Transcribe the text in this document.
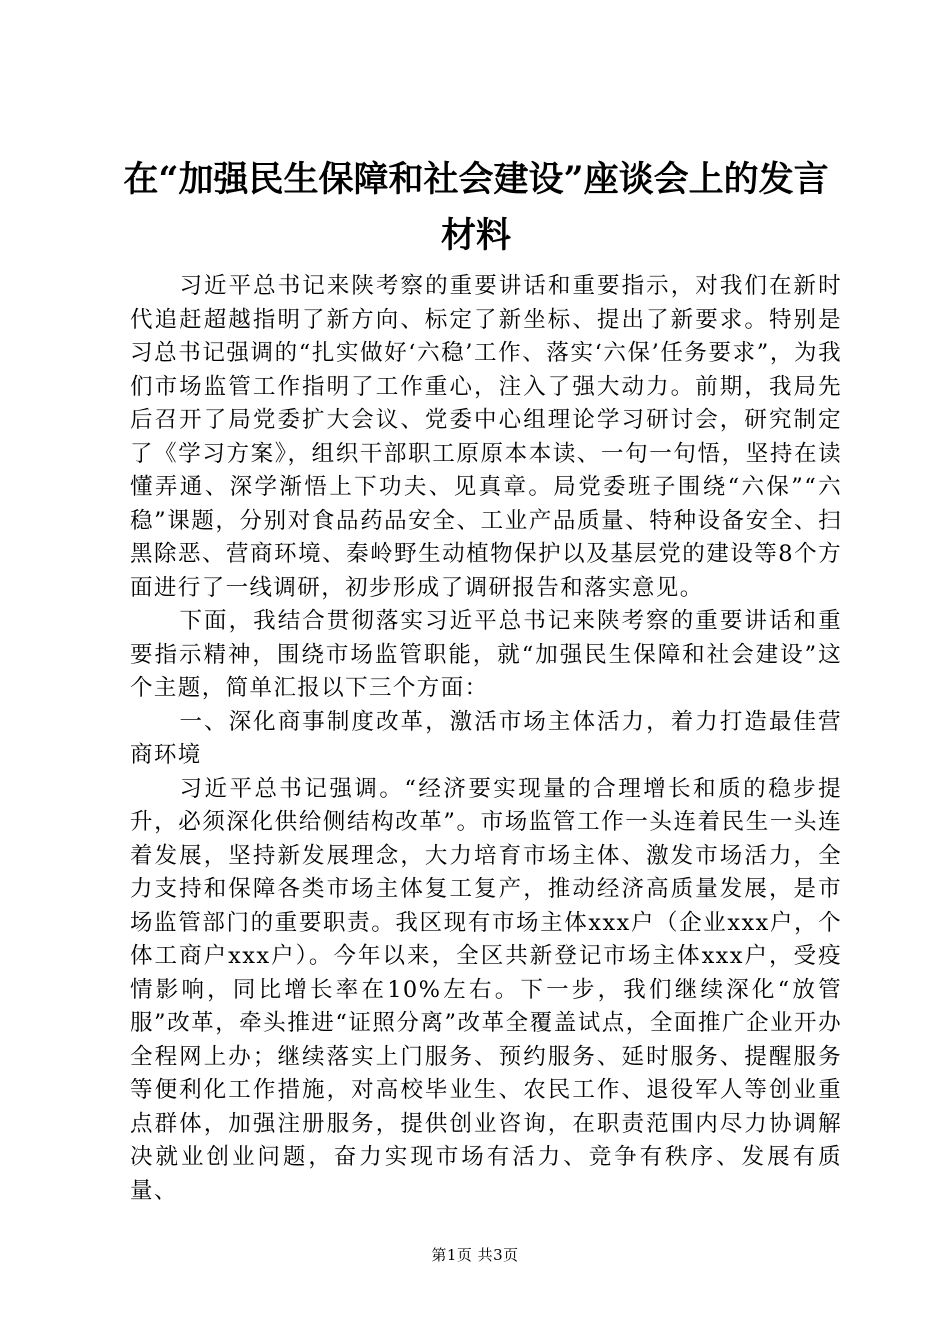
在“加强民生保障和社会建设”座谈会上的发言材料

习近平总书记来陕考察的重要讲话和重要指示，对我们在新时代追赶超越指明了新方向、标定了新坐标、提出了新要求。特别是习总书记强调的“扎实做好‘六稳’工作、落实‘六保’任务要求”，为我们市场监管工作指明了工作重心，注入了强大动力。前期，我局先后召开了局党委扩大会议、党委中心组理论学习研讨会，研究制定了《学习方案》，组织干部职工原原本本读、一句一句悟，坚持在读懂弄通、深学渐悟上下功夫、见真章。局党委班子围绕“六保”“六稳”课题，分别对食品药品安全、工业产品质量、特种设备安全、扫黑除恶、营商环境、秦岭野生动植物保护以及基层党的建设等8个方面进行了一线调研，初步形成了调研报告和落实意见。

下面，我结合贯彻落实习近平总书记来陕考察的重要讲话和重要指示精神，围绕市场监管职能，就“加强民生保障和社会建设”这个主题，简单汇报以下三个方面：

一、深化商事制度改革，激活市场主体活力，着力打造最佳营商环境

习近平总书记强调。“经济要实现量的合理增长和质的稳步提升，必须深化供给侧结构改革”。市场监管工作一头连着民生一头连着发展，坚持新发展理念，大力培育市场主体、激发市场活力，全力支持和保障各类市场主体复工复产，推动经济高质量发展，是市场监管部门的重要职责。我区现有市场主体xxx户（企业xxx户，个体工商户xxx户）。今年以来，全区共新登记市场主体xxx户，受疫情影响，同比增长率在10%左右。下一步，我们继续深化“放管服”改革，牵头推进“证照分离”改革全覆盖试点，全面推广企业开办全程网上办；继续落实上门服务、预约服务、延时服务、提醒服务等便利化工作措施，对高校毕业生、农民工作、退役军人等创业重点群体，加强注册服务，提供创业咨询，在职责范围内尽力协调解决就业创业问题，奋力实现市场有活力、竞争有秩序、发展有质量、

第1页 共3页
